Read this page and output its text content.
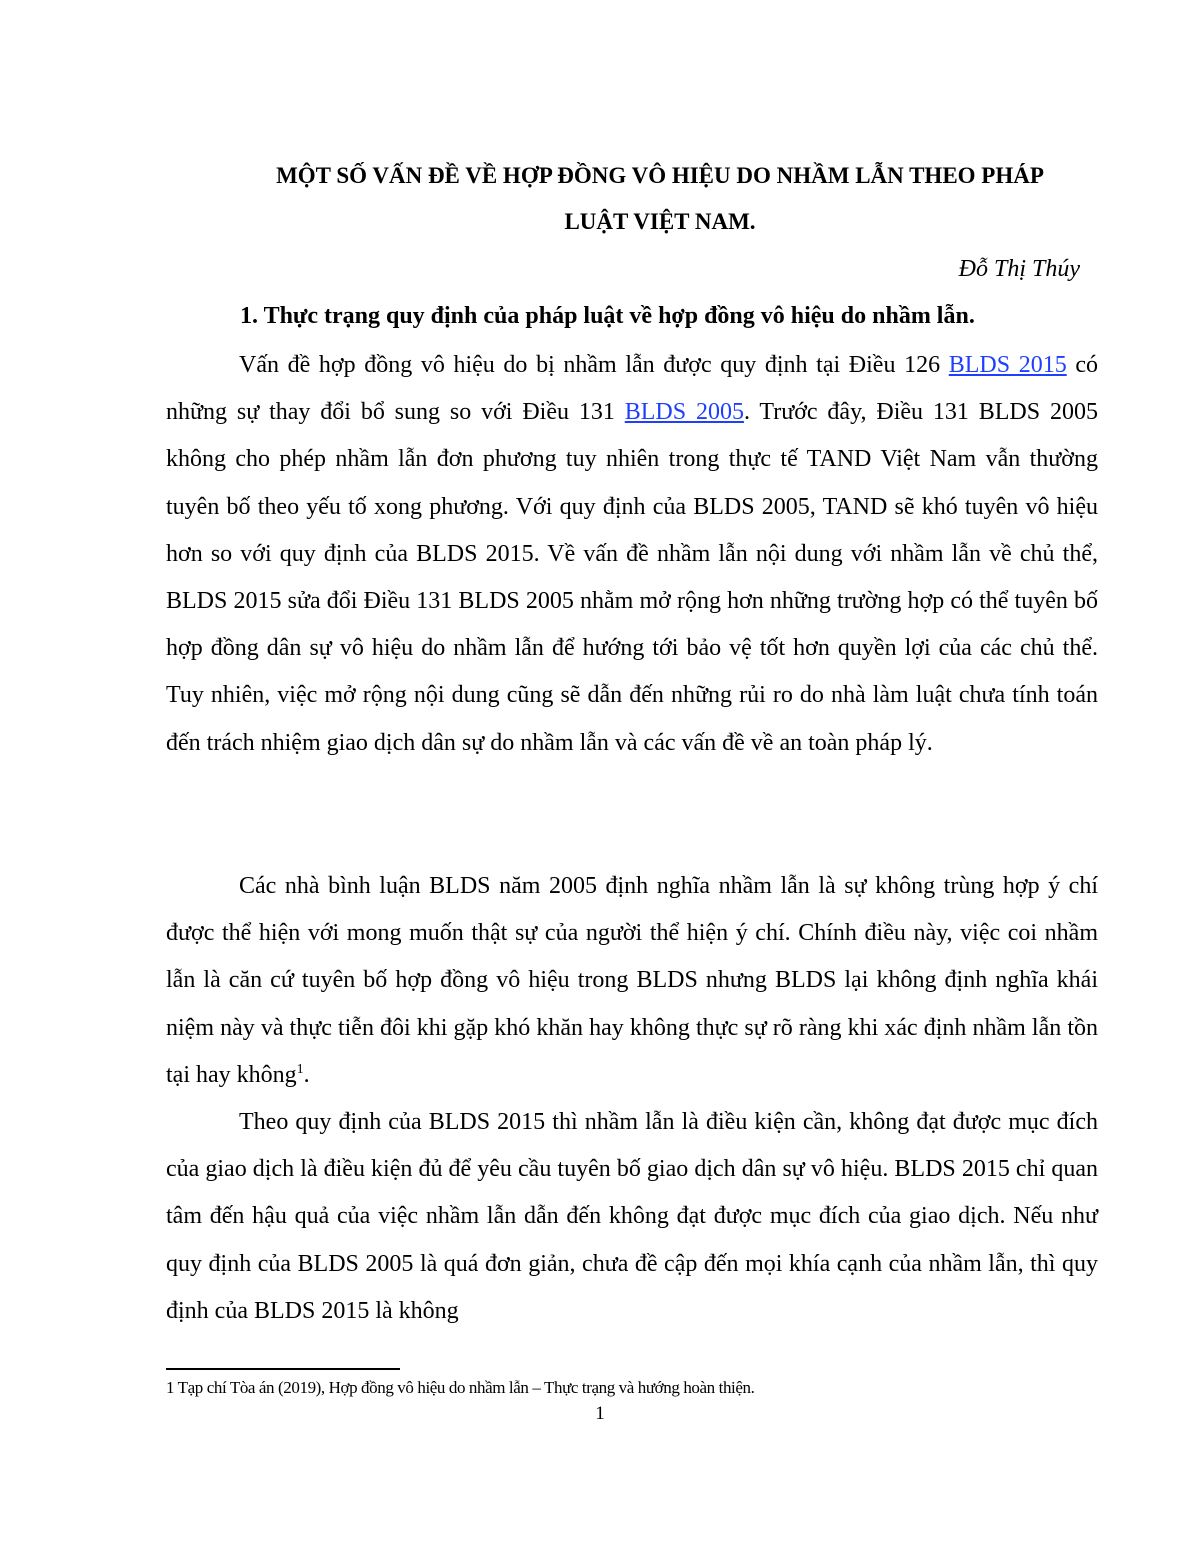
MỘT SỐ VẤN ĐỀ VỀ HỢP ĐỒNG VÔ HIỆU DO NHẦM LẪN THEO PHÁP
LUẬT VIỆT NAM.
Đỗ Thị Thúy
1. Thực trạng quy định của pháp luật về hợp đồng vô hiệu do nhầm lẫn.

Vấn đề hợp đồng vô hiệu do bị nhầm lẫn được quy định tại Điều 126 BLDS 2015 có những sự thay đổi bổ sung so với Điều 131 BLDS 2005. Trước đây, Điều 131 BLDS 2005 không cho phép nhầm lẫn đơn phương tuy nhiên trong thực tế TAND Việt Nam vẫn thường tuyên bố theo yếu tố xong phương. Với quy định của BLDS 2005, TAND sẽ khó tuyên vô hiệu hơn so với quy định của BLDS 2015. Về vấn đề nhầm lẫn nội dung với nhầm lẫn về chủ thể, BLDS 2015 sửa đổi Điều 131 BLDS 2005 nhằm mở rộng hơn những trường hợp có thể tuyên bố hợp đồng dân sự vô hiệu do nhầm lẫn để hướng tới bảo vệ tốt hơn quyền lợi của các chủ thể. Tuy nhiên, việc mở rộng nội dung cũng sẽ dẫn đến những rủi ro do nhà làm luật chưa tính toán đến trách nhiệm giao dịch dân sự do nhầm lẫn và các vấn đề về an toàn pháp lý.

Các nhà bình luận BLDS năm 2005 định nghĩa nhầm lẫn là sự không trùng hợp ý chí được thể hiện với mong muốn thật sự của người thể hiện ý chí. Chính điều này, việc coi nhầm lẫn là căn cứ tuyên bố hợp đồng vô hiệu trong BLDS nhưng BLDS lại không định nghĩa khái niệm này và thực tiễn đôi khi gặp khó khăn hay không thực sự rõ ràng khi xác định nhầm lẫn tồn tại hay không$^1$.

Theo quy định của BLDS 2015 thì nhầm lẫn là điều kiện cần, không đạt được mục đích của giao dịch là điều kiện đủ để yêu cầu tuyên bố giao dịch dân sự vô hiệu. BLDS 2015 chỉ quan tâm đến hậu quả của việc nhầm lẫn dẫn đến không đạt được mục đích của giao dịch. Nếu như quy định của BLDS 2005 là quá đơn giản, chưa đề cập đến mọi khía cạnh của nhầm lẫn, thì quy định của BLDS 2015 là không

1 Tạp chí Tòa án (2019), Hợp đồng vô hiệu do nhầm lẫn – Thực trạng và hướng hoàn thiện.
1
